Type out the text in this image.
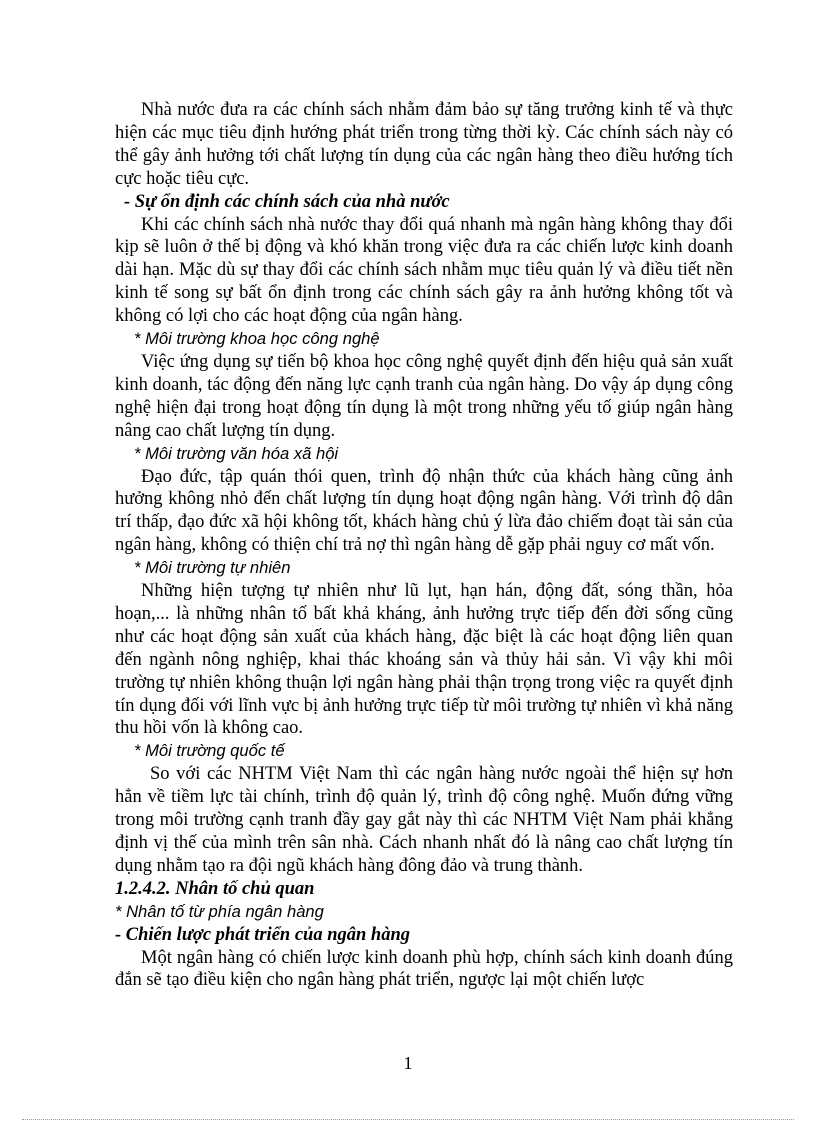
Nhà nước đưa ra các chính sách nhằm đảm bảo sự tăng trưởng kinh tế và thực hiện các mục tiêu định hướng phát triển trong từng thời kỳ. Các chính sách này có thể gây ảnh hưởng tới chất lượng tín dụng của các ngân hàng theo điều hướng tích cực hoặc tiêu cực.

- Sự ổn định các chính sách của nhà nước

Khi các chính sách nhà nước thay đổi quá nhanh mà ngân hàng không thay đổi kịp sẽ luôn ở thế bị động và khó khăn trong việc đưa ra các chiến lược kinh doanh dài hạn. Mặc dù sự thay đổi các chính sách nhằm mục tiêu quản lý và điều tiết nền kinh tế song sự bất ổn định trong các chính sách gây ra ảnh hưởng không tốt và không có lợi cho các hoạt động của ngân hàng.

* Môi trường khoa học công nghệ

Việc ứng dụng sự tiến bộ khoa học công nghệ quyết định đến hiệu quả sản xuất kinh doanh, tác động đến năng lực cạnh tranh của ngân hàng. Do vậy áp dụng công nghệ hiện đại trong hoạt động tín dụng là một trong những yếu tố giúp ngân hàng nâng cao chất lượng tín dụng.

* Môi trường văn hóa xã hội

Đạo đức, tập quán thói quen, trình độ nhận thức của khách hàng cũng ảnh hưởng không nhỏ đến chất lượng tín dụng hoạt động ngân hàng. Với trình độ dân trí thấp, đạo đức xã hội không tốt, khách hàng chủ ý lừa đảo chiếm đoạt tài sản của ngân hàng, không có thiện chí trả nợ thì ngân hàng dễ gặp phải nguy cơ mất vốn.

* Môi trường tự nhiên

Những hiện tượng tự nhiên như lũ lụt, hạn hán, động đất, sóng thần, hỏa hoạn,... là những nhân tố bất khả kháng, ảnh hưởng trực tiếp đến đời sống cũng như các hoạt động sản xuất của khách hàng, đặc biệt là các hoạt động liên quan đến ngành nông nghiệp, khai thác khoáng sản và thủy hải sản. Vì vậy khi môi trường tự nhiên không thuận lợi ngân hàng phải thận trọng trong việc ra quyết định tín dụng đối với lĩnh vực bị ảnh hưởng trực tiếp từ môi trường tự nhiên vì khả năng thu hồi vốn là không cao.

* Môi trường quốc tế

So với các NHTM Việt Nam thì các ngân hàng nước ngoài thể hiện sự hơn hẳn về tiềm lực tài chính, trình độ quản lý, trình độ công nghệ. Muốn đứng vững trong môi trường cạnh tranh đầy gay gắt này thì các NHTM Việt Nam phải khẳng định vị thế của mình trên sân nhà. Cách nhanh nhất đó là nâng cao chất lượng tín dụng nhằm tạo ra đội ngũ khách hàng đông đảo và trung thành.

1.2.4.2. Nhân tố chủ quan

* Nhân tố từ phía ngân hàng

- Chiến lược phát triển của ngân hàng

Một ngân hàng có chiến lược kinh doanh phù hợp, chính sách kinh doanh đúng đắn sẽ tạo điều kiện cho ngân hàng phát triển, ngược lại một chiến lược

1
